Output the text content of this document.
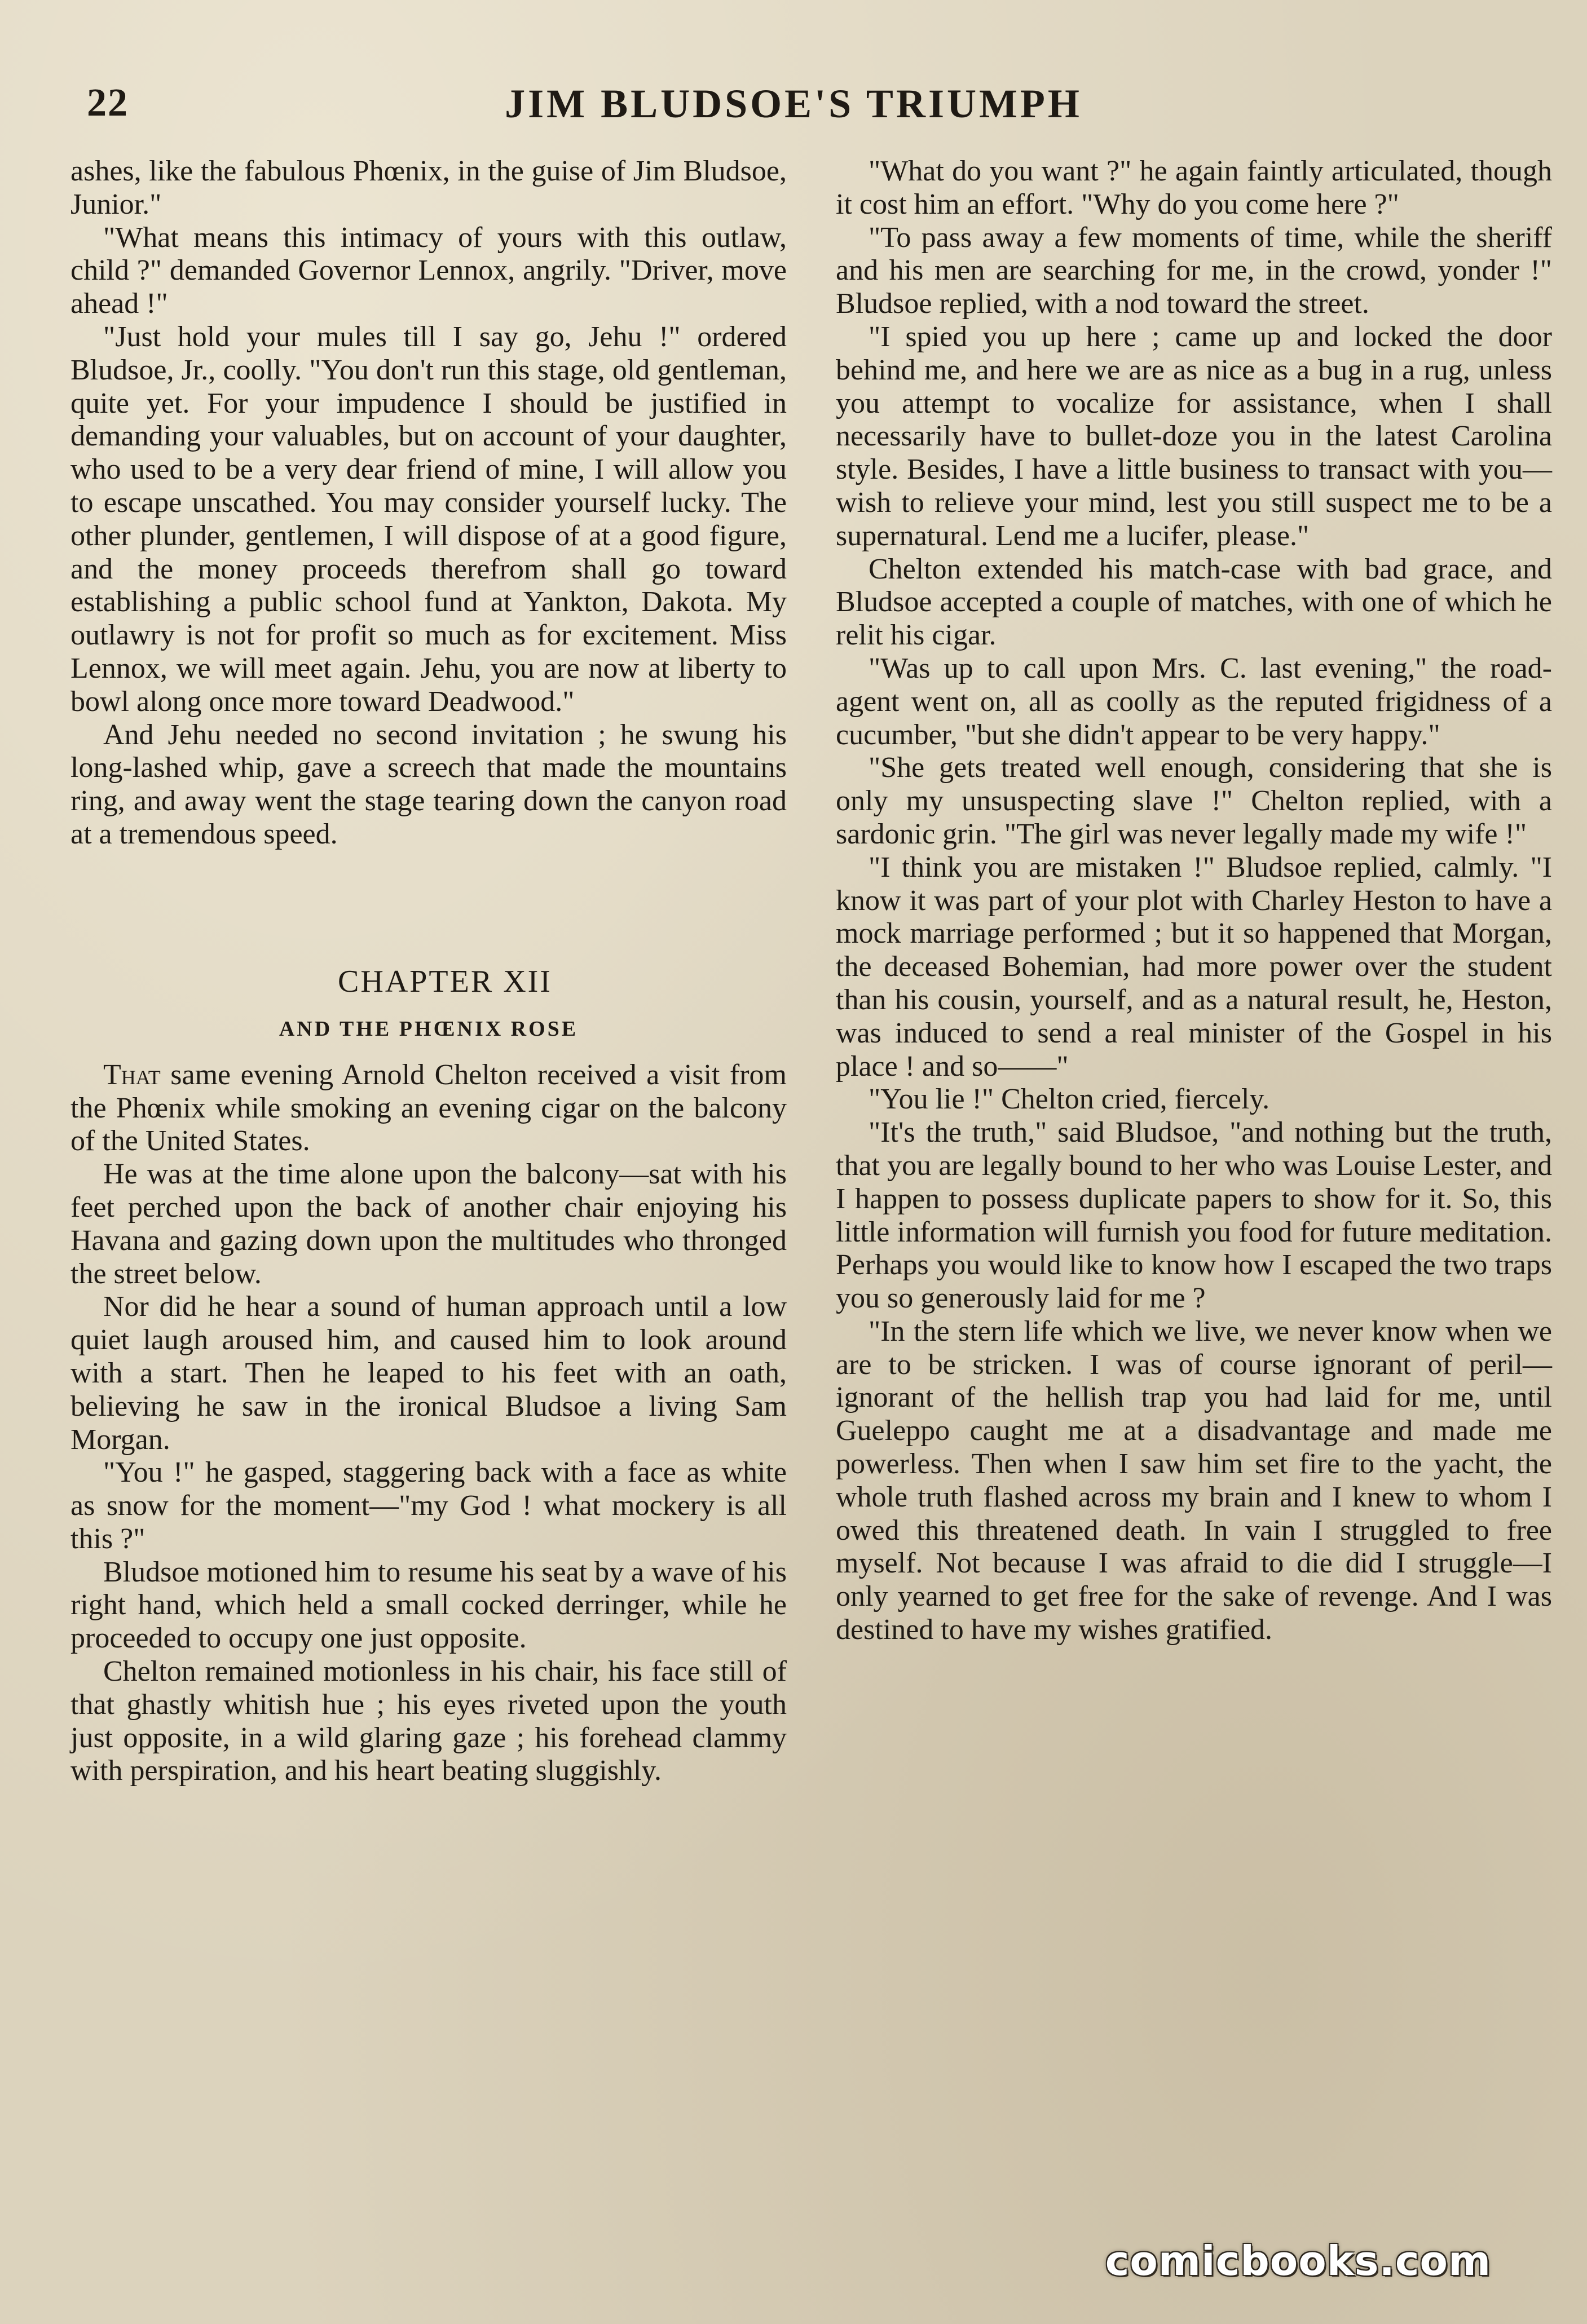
22	JIM BLUDSOE'S TRIUMPH

ashes, like the fabulous Phœnix, in the guise of Jim Bludsoe, Junior."

"What means this intimacy of yours with this outlaw, child ?" demanded Governor Lennox, angrily. "Driver, move ahead !"

"Just hold your mules till I say go, Jehu !" ordered Bludsoe, Jr., coolly. "You don't run this stage, old gentleman, quite yet. For your impudence I should be justified in demanding your valuables, but on account of your daughter, who used to be a very dear friend of mine, I will allow you to escape unscathed. You may consider yourself lucky. The other plunder, gentlemen, I will dispose of at a good figure, and the money proceeds therefrom shall go toward establishing a public school fund at Yankton, Dakota. My outlawry is not for profit so much as for excitement. Miss Lennox, we will meet again. Jehu, you are now at liberty to bowl along once more toward Deadwood."

And Jehu needed no second invitation ; he swung his long-lashed whip, gave a screech that made the mountains ring, and away went the stage tearing down the canyon road at a tremendous speed.

CHAPTER XII

AND THE PHŒNIX ROSE

That same evening Arnold Chelton received a visit from the Phœnix while smoking an evening cigar on the balcony of the United States.

He was at the time alone upon the balcony—sat with his feet perched upon the back of another chair enjoying his Havana and gazing down upon the multitudes who thronged the street below.

Nor did he hear a sound of human approach until a low quiet laugh aroused him, and caused him to look around with a start. Then he leaped to his feet with an oath, believing he saw in the ironical Bludsoe a living Sam Morgan.

"You !" he gasped, staggering back with a face as white as snow for the moment—"my God ! what mockery is all this ?"

Bludsoe motioned him to resume his seat by a wave of his right hand, which held a small cocked derringer, while he proceeded to occupy one just opposite.

Chelton remained motionless in his chair, his face still of that ghastly whitish hue ; his eyes riveted upon the youth just opposite, in a wild glaring gaze ; his forehead clammy with perspiration, and his heart beating sluggishly.

"What do you want ?" he again faintly articulated, though it cost him an effort. "Why do you come here ?"

"To pass away a few moments of time, while the sheriff and his men are searching for me, in the crowd, yonder !" Bludsoe replied, with a nod toward the street.

"I spied you up here ; came up and locked the door behind me, and here we are as nice as a bug in a rug, unless you attempt to vocalize for assistance, when I shall necessarily have to bullet-doze you in the latest Carolina style. Besides, I have a little business to transact with you—wish to relieve your mind, lest you still suspect me to be a supernatural. Lend me a lucifer, please."

Chelton extended his match-case with bad grace, and Bludsoe accepted a couple of matches, with one of which he relit his cigar.

"Was up to call upon Mrs. C. last evening," the road-agent went on, all as coolly as the reputed frigidness of a cucumber, "but she didn't appear to be very happy."

"She gets treated well enough, considering that she is only my unsuspecting slave !" Chelton replied, with a sardonic grin. "The girl was never legally made my wife !"

"I think you are mistaken !" Bludsoe replied, calmly. "I know it was part of your plot with Charley Heston to have a mock marriage performed ; but it so happened that Morgan, the deceased Bohemian, had more power over the student than his cousin, yourself, and as a natural result, he, Heston, was induced to send a real minister of the Gospel in his place ! and so——"

"You lie !" Chelton cried, fiercely.

"It's the truth," said Bludsoe, "and nothing but the truth, that you are legally bound to her who was Louise Lester, and I happen to possess duplicate papers to show for it. So, this little information will furnish you food for future meditation. Perhaps you would like to know how I escaped the two traps you so generously laid for me ?

"In the stern life which we live, we never know when we are to be stricken. I was of course ignorant of peril—ignorant of the hellish trap you had laid for me, until Gueleppo caught me at a disadvantage and made me powerless. Then when I saw him set fire to the yacht, the whole truth flashed across my brain and I knew to whom I owed this threatened death. In vain I struggled to free myself. Not because I was afraid to die did I struggle—I only yearned to get free for the sake of revenge. And I was destined to have my wishes gratified.

comicbooks.com
